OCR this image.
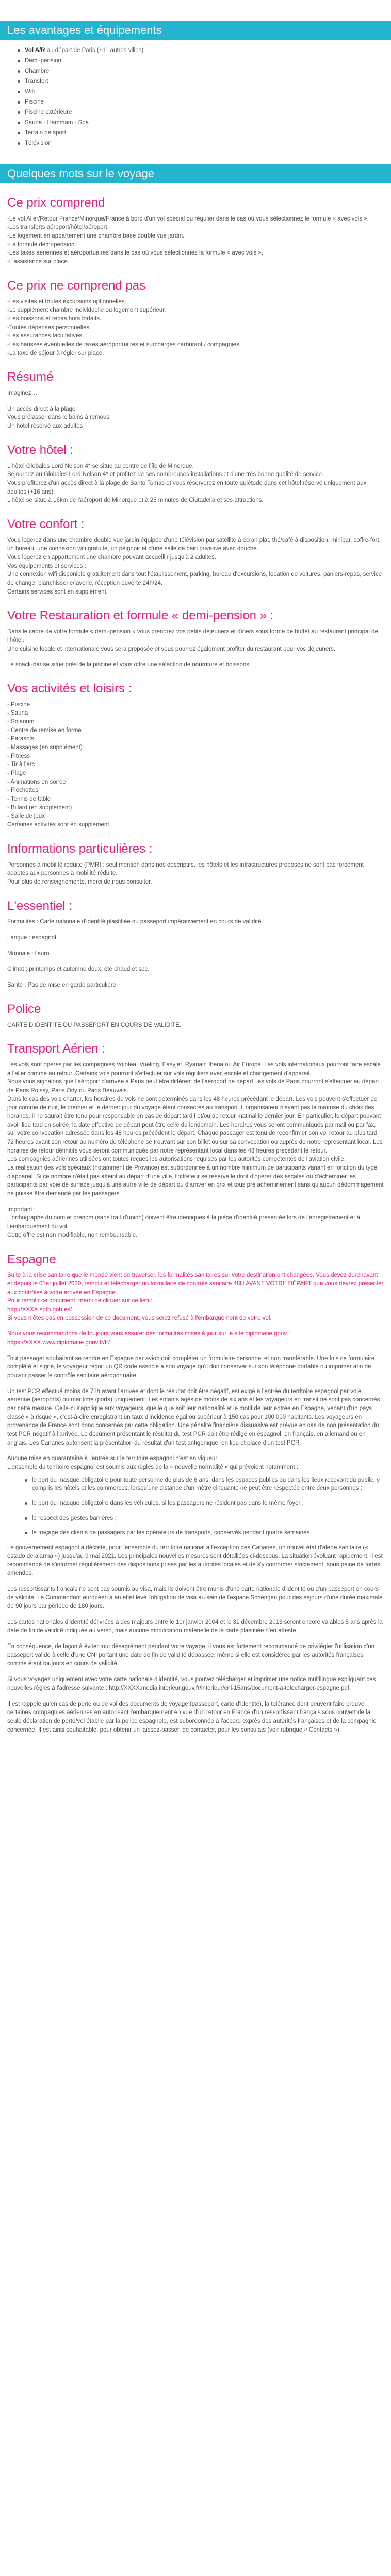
Les avantages et équipements
Vol A/R au départ de Paris (+11 autres villes)
Demi-pension
Chambre
Transfert
Wifi
Piscine
Piscine extérieure
Sauna - Hammam - Spa
Terrain de sport
Télévision
Quelques mots sur le voyage
Ce prix comprend

-Le vol Aller/Retour France/Minorque/France à bord d'un vol spécial ou régulier dans le cas où vous sélectionnez le formule « avec vols ».

-Les transferts aéroport/hôtel/aéroport.

-Le logement en appartement une chambre base double vue jardin.

-La formule demi-pension.

-Les taxes aériennes et aéroportuaires dans le cas où vous sélectionnez la formule « avec vols ».

-L'assistance sur place.

Ce prix ne comprend pas

-Les visites et toutes excursions optionnelles.

-Le supplément chambre individuelle ou logement supérieur.

-Les boissons et repas hors forfaits.

-Toutes dépenses personnelles.

-Les assurances facultatives.

-Les hausses éventuelles de taxes aéroportuaires et surcharges carburant / compagnies.

-La taxe de séjour à régler sur place.

Résumé

Imaginez…

Un accès direct à la plage

Vous prélasser dans le bains à remous

Un hôtel réservé aux adultes

Votre hôtel :

L'hôtel Globales Lord Nelson 4* se situe au centre de l'île de Minorque.

Séjournez au Globales Lord Nelson 4* et profitez de ses nombreuses installations et d'une très bonne qualité de service.

Vous profiterez d'un accès direct à la plage de Santo Tomas et vous réserverez en toute quiétude dans cet hôtel réservé uniquement aux adultes (+16 ans).

L'hôtel se situe à 16km de l'aéroport de Minorque et à 25 minutes de Ciutadella et ses attractions.

Votre confort :

Vous logerez dans une chambre double vue jardin équipée d'une télévision par satellite à écran plat, thé/café à disposition, minibar, coffre-fort, un bureau, une connexion wifi gratuite, un peignoir et d'une salle de bain privative avec douche.

Vous logerez en appartement une chambre pouvant accueillir jusqu'à 2 adultes.

Vos équipements et services :

Une connexion wifi disponible gratuitement dans tout l'établissement, parking, bureau d'excursions, location de voitures, paniers-repas, service de change, blanchisserie/laverie, réception ouverte 24h/24.

Certains services sont en supplément.

Votre Restauration et formule « demi-pension » :

Dans le cadre de votre formule « demi-pension » vous prendrez vos petits déjeuners et dîners sous forme de buffet au restaurant principal de l'hôtel.

Une cuisine locale et internationale vous sera proposée et vous pourrez également profiter du restaurant pour vos déjeuners.

Le snack-bar se situe près de la piscine et vous offre une sélection de nourriture et boissons.

Vos activités et loisirs :

- Piscine

- Sauna

- Solarium

- Centre de remise en forme

- Parasols

- Massages (en supplément)

- Fitness

- Tir à l'arc

- Plage

- Animations en soirée

- Fléchettes

- Tennis de table

- Billard (en supplément)

- Salle de jeux

Certaines activités sont en supplément.

Informations particulières :

Personnes à mobilité réduite (PMR) : seul mention dans nos descriptifs, les hôtels et les infrastructures proposés ne sont pas forcément adaptés aux personnes à mobilité réduite.

Pour plus de renseignements, merci de nous consulter.

L'essentiel :

Formalités : Carte nationale d'identité plastifiée ou passeport impérativement en cours de validité.

Langue : espagnol.

Monnaie : l'euro.

Climat : printemps et automne doux, été chaud et sec.

Santé : Pas de mise en garde particulière.

Police

CARTE D'IDENTITE OU PASSEPORT EN COURS DE VALIDITE.

Transport Aérien :

Les vols sont opérés par les compagnies Volotea, Vueling, Easyjet, Ryanair, Iberia ou Air Europa. Les vols internationaux pourront faire escale à l'aller comme au retour. Certains vols pourront s'effectuer sur vols réguliers avec escale et changement d'appareil.

Nous vous signalons que l'aéroport d'arrivée à Paris peut être différent de l'aéroport de départ, les vols de Paris pourront s'effectuer au départ de Paris Roissy, Paris Orly ou Paris Beauvais.

Dans le cas des vols charter, les horaires de vols ne sont déterminés dans les 48 heures précédant le départ. Les vols peuvent s'effectuer de jour comme de nuit, le premier et le dernier jour du voyage étant consacrés au transport. L'organisateur n'ayant pas la maîtrise du choix des horaires, il ne saurait être tenu pour responsable en cas de départ tardif et/ou de retour matinal le dernier jour. En particulier, le départ pouvant avoir lieu tard en soirée, la date effective de départ peut être celle du lendemain. Les horaires vous seront communiqués par mail ou par fax, sur votre convocation adressée dans les 48 heures précédent le départ. Chaque passager est tenu de reconfirmer son vol retour au plus tard 72 heures avant son retour au numéro de téléphone se trouvant sur son billet ou sur sa convocation ou auprès de notre représentant local. Les horaires de retour définitifs vous seront communiqués par notre représentant local dans les 48 heures précédant le retour.

Les compagnies aériennes utilisées ont toutes reçues les autorisations requises par les autorités compétentes de l'aviation civile.

La réalisation des vols spéciaux (notamment de Province) est subordonnée à un nombre minimum de participants variant en fonction du type d'appareil. Si ce nombre n'était pas atteint au départ d'une ville, l'offreteur se réserve le droit d'opérer des escales ou d'acheminer les participants par voie de surface jusqu'à une autre ville de départ ou d'arriver en prix et tous pré acheminement sans qu'aucun dédommagement ne puisse être demandé par les passagers.

Important :

L'orthographe du nom et prénom (sans trait d'union) doivent être identiques à la pièce d'identité présentée lors de l'enregistrement et à l'embarquement du vol.

Cette offre est non modifiable, non remboursable.

Espagne

Suite à la crise sanitaire que le monde vient de traverser, les formalités sanitaires sur votre destination ont changées. Vous devez dorénavant et depuis le 01er juillet 2020, remplir et télécharger un formulaire de contrôle sanitaire 48H AVANT VOTRE DÉPART que vous devrez présenter aux contrôles à votre arrivée en Espagne.

Pour remplir ce document, merci de cliquer sur ce lien :

http://XXXX.spth.gob.es/

Si vous n'êtes pas en possession de ce document, vous serez refusé à l'embarquement de votre vol.

Nous vous recommandons de toujours vous assurer des formalités mises à jour sur le site diplomatie.gouv : https://XXXX.www.diplomatie.gouv.fr/fr/

Tout passager souhaitant se rendre en Espagne par avion doit compléter un formulaire personnel et non transférable. Une fois ce formulaire complété et signé, le voyageur reçoit un QR code associé à son voyage qu'il doit conserver sur son téléphone portable ou imprimer afin de pouvoir passer le contrôle sanitaire aéroportuaire.

Un test PCR effectué moins de 72h avant l'arrivée et dont le résultat doit être négatif, est exigé à l'entrée du territoire espagnol par voie aérienne (aéroports) ou maritime (ports) uniquement. Les enfants âgés de moins de six ans et les voyageurs en transit ne sont pas concernés par cette mesure. Celle-ci s'applique aux voyageurs, quelle que soit leur nationalité et le motif de leur entrée en Espagne, venant d'un pays classé « à risque », c'est-à-dire enregistrant un taux d'incidence égal ou supérieur à 150 cas pour 100 000 habitants. Les voyageurs en provenance de France sont donc concernés par cette obligation. Une pénalité financière dissuasive est prévue en cas de non présentation du test PCR négatif à l'arrivée. Le document présentant le résultat du test PCR doit être rédigé en espagnol, en français, en allemand ou en anglais. Les Canaries autorisent la présentation du résultat d'un test antigénique, en lieu et place d'un test PCR.

Aucune mise en quarantaine à l'entrée sur le territoire espagnol n'est en vigueur.

L'ensemble du territoire espagnol est soumis aux règles de la « nouvelle normalité » qui prévoient notamment :

le port du masque obligatoire pour toute personne de plus de 6 ans, dans les espaces publics ou dans les lieux recevant du public, y compris les hôtels et les commerces, lorsqu'une distance d'un mètre cinquante ne peut être respectée entre deux personnes ;
le port du masque obligatoire dans les véhicules, si les passagers ne résident pas dans le même foyer ;
le respect des gestes barrières ;
le traçage des clients de passagers par les opérateurs de transports, conservés pendant quatre semaines.

Le gouvernement espagnol a décrété, pour l'ensemble du territoire national à l'exception des Canaries, un nouvel état d'alerte sanitaire (« estado de alarma ») jusqu'au 9 mai 2021. Les principales nouvelles mesures sont détaillées ci-dessous. La situation évoluant rapidement, il est recommandé de s'informer régulièrement des dispositions prises par les autorités locales et de s'y conformer strictement, sous peine de fortes amendes.

Les ressortissants français ne sont pas soumis au visa, mais ils doivent être munis d'une carte nationale d'identité ou d'un passeport en cours de validité. Le Commandant européen a en effet levé l'obligation de visa au sein de l'espace Schengen pour des séjours d'une durée maximale de 90 jours par période de 180 jours.

Les cartes nationales d'identité délivrées à des majeurs entre le 1er janvier 2004 et le 31 décembre 2013 seront encore valables 5 ans après la date de fin de validité indiquée au verso, mais aucune modification matérielle de la carte plastifiée n'en atteste.

En conséquence, de façon à éviter tout désagrément pendant votre voyage, il vous est fortement recommandé de privilégier l'utilisation d'un passeport valide à celle d'une CNI portant une date de fin de validité dépassée, même si elle est considérée par les autorités françaises comme étant toujours en cours de validité.

Si vous voyagez uniquement avec votre carte nationale d'identité, vous pouvez télécharger et imprimer une notice multilingue expliquant ces nouvelles règles à l'adresse suivante : http://XXXX.media.interieur.gouv.fr/interieur/cni-15ans/document-a-telecharger-espagne.pdf.

Il est rappelé qu'en cas de perte ou de vol des documents de voyage (passeport, carte d'identité), la tolérance dont peuvent faire preuve certaines compagnies aériennes en autorisant l'embarquement en vue d'un retour en France d'un ressortissant français sous couvert de la seule déclaration de perte/vol établie par la police espagnole, est subordonnée à l'accord exprès des autorités françaises et de la compagnie concernée. Il est ainsi souhaitable, pour obtenir un laissez-passer, de contacter, pour les consulats (voir rubrique « Contacts »).
